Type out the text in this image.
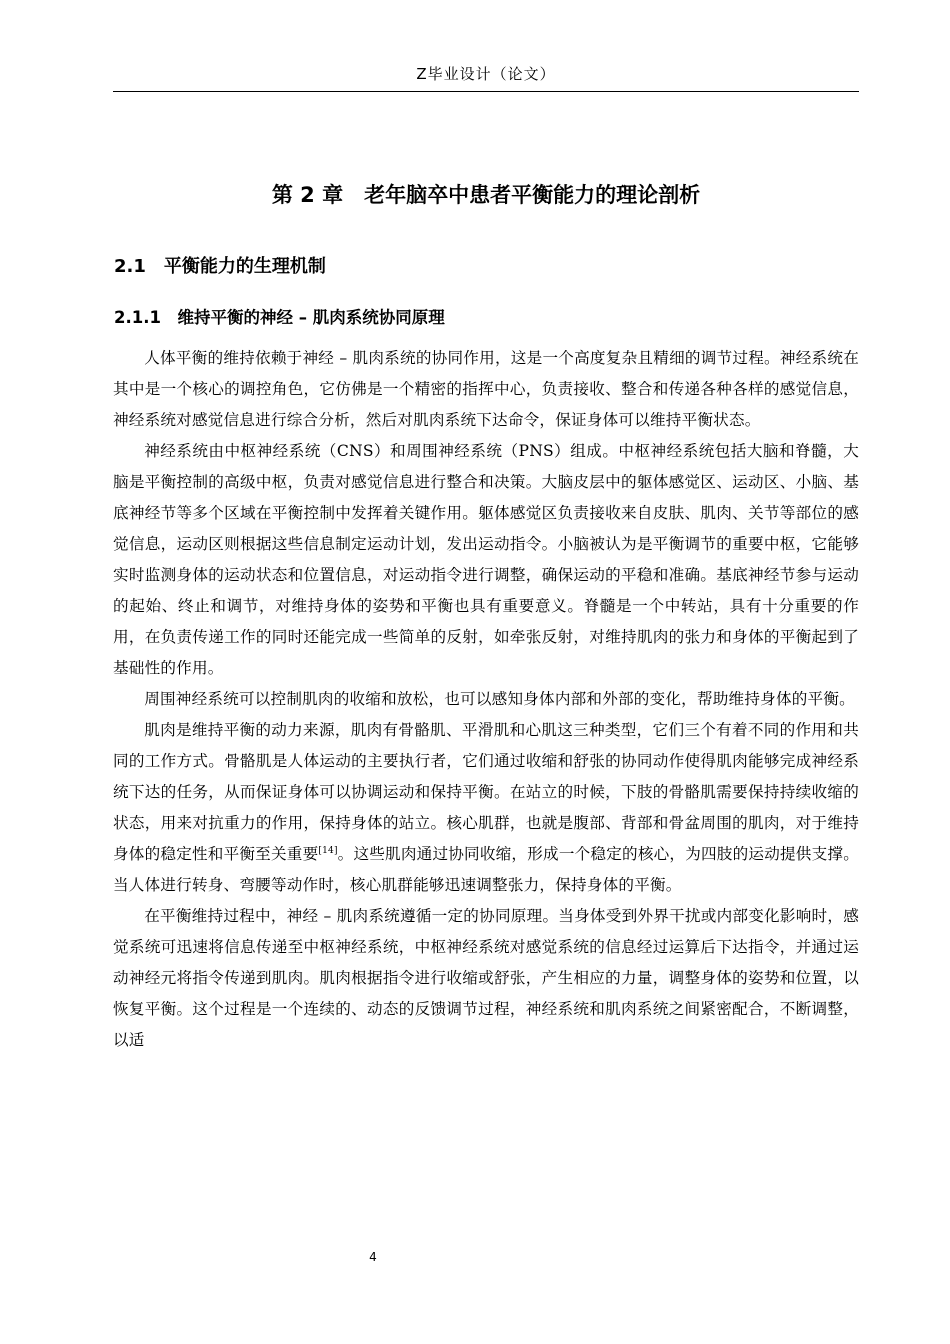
Z毕业设计（论文）
第 2 章　老年脑卒中患者平衡能力的理论剖析
2.1　平衡能力的生理机制
2.1.1　维持平衡的神经 – 肌肉系统协同原理

人体平衡的维持依赖于神经 – 肌肉系统的协同作用，这是一个高度复杂且精细的调节过程。神经系统在其中是一个核心的调控角色，它仿佛是一个精密的指挥中心，负责接收、整合和传递各种各样的感觉信息，神经系统对感觉信息进行综合分析，然后对肌肉系统下达命令，保证身体可以维持平衡状态。

神经系统由中枢神经系统（CNS）和周围神经系统（PNS）组成。中枢神经系统包括大脑和脊髓，大脑是平衡控制的高级中枢，负责对感觉信息进行整合和决策。大脑皮层中的躯体感觉区、运动区、小脑、基底神经节等多个区域在平衡控制中发挥着关键作用。躯体感觉区负责接收来自皮肤、肌肉、关节等部位的感觉信息，运动区则根据这些信息制定运动计划，发出运动指令。小脑被认为是平衡调节的重要中枢，它能够实时监测身体的运动状态和位置信息，对运动指令进行调整，确保运动的平稳和准确。基底神经节参与运动的起始、终止和调节，对维持身体的姿势和平衡也具有重要意义。脊髓是一个中转站，具有十分重要的作用，在负责传递工作的同时还能完成一些简单的反射，如牵张反射，对维持肌肉的张力和身体的平衡起到了基础性的作用。

周围神经系统可以控制肌肉的收缩和放松，也可以感知身体内部和外部的变化，帮助维持身体的平衡。

肌肉是维持平衡的动力来源，肌肉有骨骼肌、平滑肌和心肌这三种类型，它们三个有着不同的作用和共同的工作方式。骨骼肌是人体运动的主要执行者，它们通过收缩和舒张的协同动作使得肌肉能够完成神经系统下达的任务，从而保证身体可以协调运动和保持平衡。在站立的时候，下肢的骨骼肌需要保持持续收缩的状态，用来对抗重力的作用，保持身体的站立。核心肌群，也就是腹部、背部和骨盆周围的肌肉，对于维持身体的稳定性和平衡至关重要[14]。这些肌肉通过协同收缩，形成一个稳定的核心，为四肢的运动提供支撑。当人体进行转身、弯腰等动作时，核心肌群能够迅速调整张力，保持身体的平衡。

在平衡维持过程中，神经 – 肌肉系统遵循一定的协同原理。当身体受到外界干扰或内部变化影响时，感觉系统可迅速将信息传递至中枢神经系统，中枢神经系统对感觉系统的信息经过运算后下达指令，并通过运动神经元将指令传递到肌肉。肌肉根据指令进行收缩或舒张，产生相应的力量，调整身体的姿势和位置，以恢复平衡。这个过程是一个连续的、动态的反馈调节过程，神经系统和肌肉系统之间紧密配合，不断调整，以适

4
